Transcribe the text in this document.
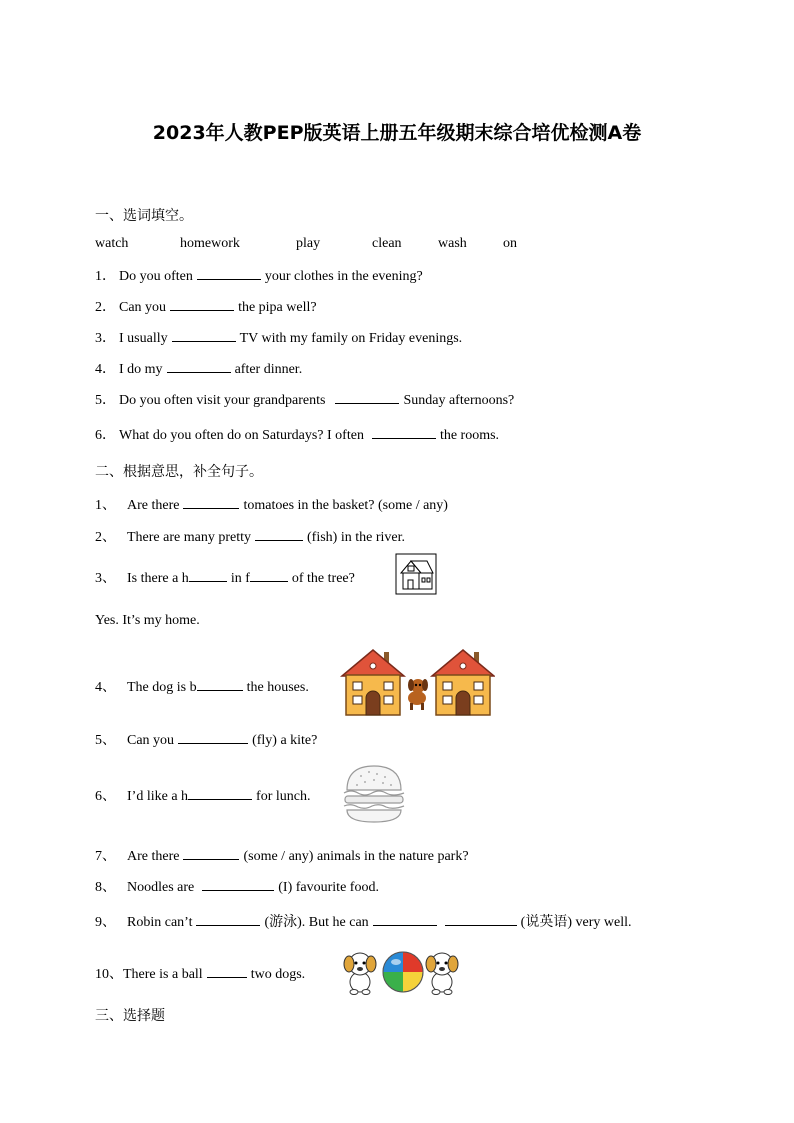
2023年人教PEP版英语上册五年级期末综合培优检测A卷
一、选词填空。
watch	homework	play	clean	wash	on
1． Do you often	your clothes in the evening?
2． Can you	the pipa well?
3． I usually	TV with my family on Friday evenings.
4． I do my	after dinner.
5． Do you often visit your grandparents	Sunday afternoons?
6． What do you often do on Saturdays? I often	the rooms.
二、根据意思，补全句子。
1、 Are there	tomatoes in the basket? (some / any)
2、 There are many pretty	(fish) in the river.
3、 Is there a h	in f	of the tree?
Yes. It’s my home.
4、 The dog is b	the houses.
5、 Can you	(fly) a kite?
6、 I’d like a h	for lunch.
7、 Are there	(some / any) animals in the nature park?
8、 Noodles are	(I) favourite food.
9、 Robin can’t	(游泳). But he can	(说英语) very well.
10、There is a ball	two dogs.
三、选择题
